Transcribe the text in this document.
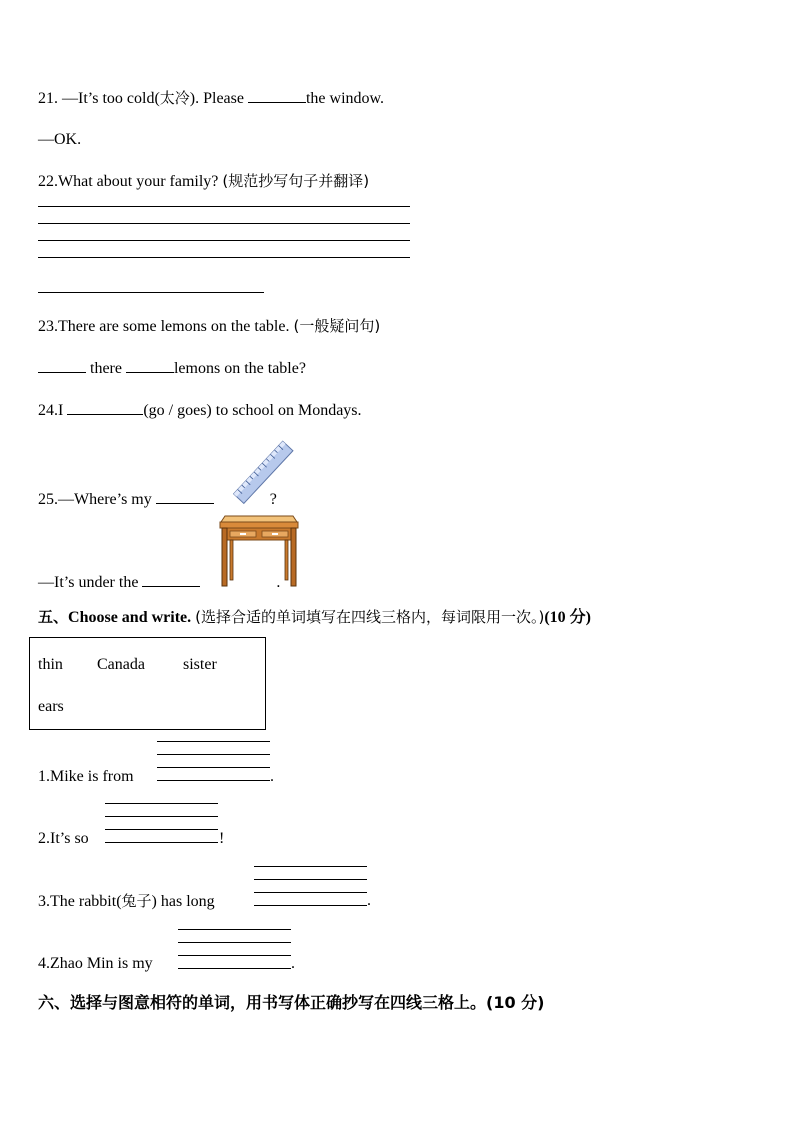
21. —It’s too cold(太冷). Please	the window.
—OK.
22.What about your family? (规范抄写句子并翻译)
23.There are some lemons on the table. (一般疑问句)
there	lemons on the table?
24.I	(go / goes) to school on Mondays.
25.—Where’s my	?
—It’s under the	.
五、Choose and write. (选择合适的单词填写在四线三格内，每词限用一次。)(10 分)
thin Canada sister
ears
1.Mike is from	.
2.It’s so	!
3.The rabbit(兔子) has long	.
4.Zhao Min is my	.
六、选择与图意相符的单词，用书写体正确抄写在四线三格上。(10 分)
